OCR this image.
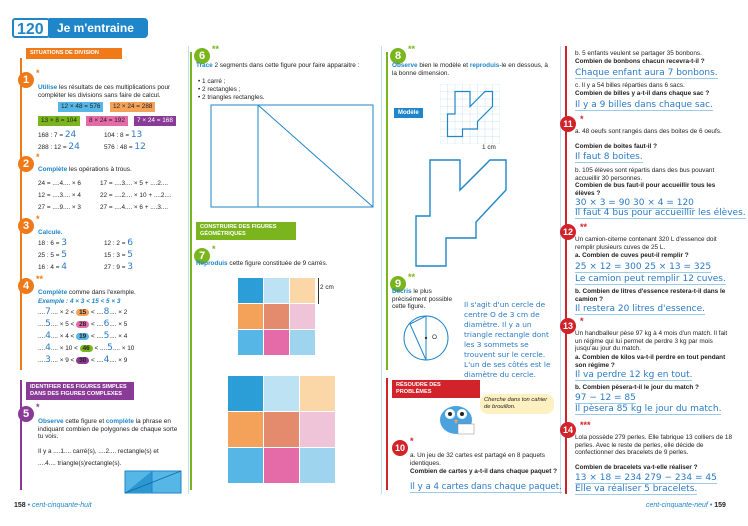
120 Je m'entraine
SITUATIONS DE DIVISION
1
*
Utilise les résultats de ces multiplications pour compléter les divisions sans faire de calcul.
12 × 48 = 576	12 × 24 = 288
13 × 8 = 104	8 × 24 = 192	7 × 24 = 168
168 : 7 = 24	104 : 8 = 13
288 : 12 = 24	576 : 48 = 12
2
*
Complète les opérations à trous.
24 = ....4.... × 6	17 = ....3.... × 5 + ....2....
12 = ....3.... × 4	22 = ....2.... × 10 + ....2....
27 = ....9.... × 3	27 = ....4.... × 6 + ....3....
3
*
Calcule.
18 : 6 = 3	12 : 2 = 6
25 : 5 = 5	15 : 3 = 5
16 : 4 = 4	27 : 9 = 3
4
**
Complète comme dans l'exemple.
Exemple : 4 × 3 < 15 < 5 × 3
....7.... × 2 < 15 < ....8.... × 2
....5.... × 5 < 28 < ....6.... × 5
....4.... × 4 < 19 < ....5.... × 4
....4.... × 10 < 46 < ....5.... × 10
....3.... × 9 < 30 < ....4.... × 9
IDENTIFIER DES FIGURES SIMPLES DANS DES FIGURES COMPLEXES
5
*
Observe cette figure et complète la phrase en indiquant combien de polygones de chaque sorte tu vois.
Il y a ....1.... carré(s), ....2.... rectangle(s) et
....4.... triangle(s)rectangle(s).
6
**
Trace 2 segments dans cette figure pour faire apparaitre :
• 1 carré ;
• 2 rectangles ;
• 2 triangles rectangles.
CONSTRUIRE DES FIGURES GÉOMÉTRIQUES
7
*
Reproduis cette figure constituée de 9 carrés.
2 cm
8
**
Observe bien le modèle et reproduis-le en dessous, à la bonne dimension.
Modèle
1 cm
9
**
Décris le plus précisément possible cette figure.
O
Il s'agit d'un cercle de centre O de 3 cm de diamètre. Il y a un triangle rectangle dont les 3 sommets se trouvent sur le cercle. L'un de ses côtés est le diamètre du cercle.
RÉSOUDRE DES PROBLÈMES
Cherche dans ton cahier de brouillon.
10
*
a. Un jeu de 32 cartes est partagé en 8 paquets identiques.
Combien de cartes y a-t-il dans chaque paquet ?
Il y a 4 cartes dans chaque paquet.
b. 5 enfants veulent se partager 35 bonbons.
Combien de bonbons chacun recevra-t-il ?
Chaque enfant aura 7 bonbons.
c. Il y a 54 billes réparties dans 6 sacs.
Combien de billes y a-t-il dans chaque sac ?
Il y a 9 billes dans chaque sac.
11 *
a. 48 oeufs sont rangés dans des boites de 6 oeufs.
Combien de boites faut-il ?
Il faut 8 boites.
b. 105 élèves sont répartis dans des bus pouvant accueillir 30 personnes.
Combien de bus faut-il pour accueillir tous les élèves ?
30 × 3 = 90 30 × 4 = 120
Il faut 4 bus pour accueillir les élèves.
12 **
Un camion-citerne contenant 320 L d'essence doit remplir plusieurs cuves de 25 L.
a. Combien de cuves peut-il remplir ?
25 × 12 = 300 25 × 13 = 325
Le camion peut remplir 12 cuves.
b. Combien de litres d'essence restera-t-il dans le camion ?
Il restera 20 litres d'essence.
13 *
Un handballeur pèse 97 kg à 4 mois d'un match. Il fait un régime qui lui permet de perdre 3 kg par mois jusqu'au jour du match.
a. Combien de kilos va-t-il perdre en tout pendant son régime ?
Il va perdre 12 kg en tout.
b. Combien pèsera-t-il le jour du match ?
97 − 12 = 85
Il pèsera 85 kg le jour du match.
14 ***
Lola possède 279 perles. Elle fabrique 13 colliers de 18 perles. Avec le reste de perles, elle décide de confectionner des bracelets de 9 perles.
Combien de bracelets va-t-elle réaliser ?
13 × 18 = 234 279 − 234 = 45
Elle va réaliser 5 bracelets.
158 • cent-cinquante-huit	cent-cinquante-neuf • 159
